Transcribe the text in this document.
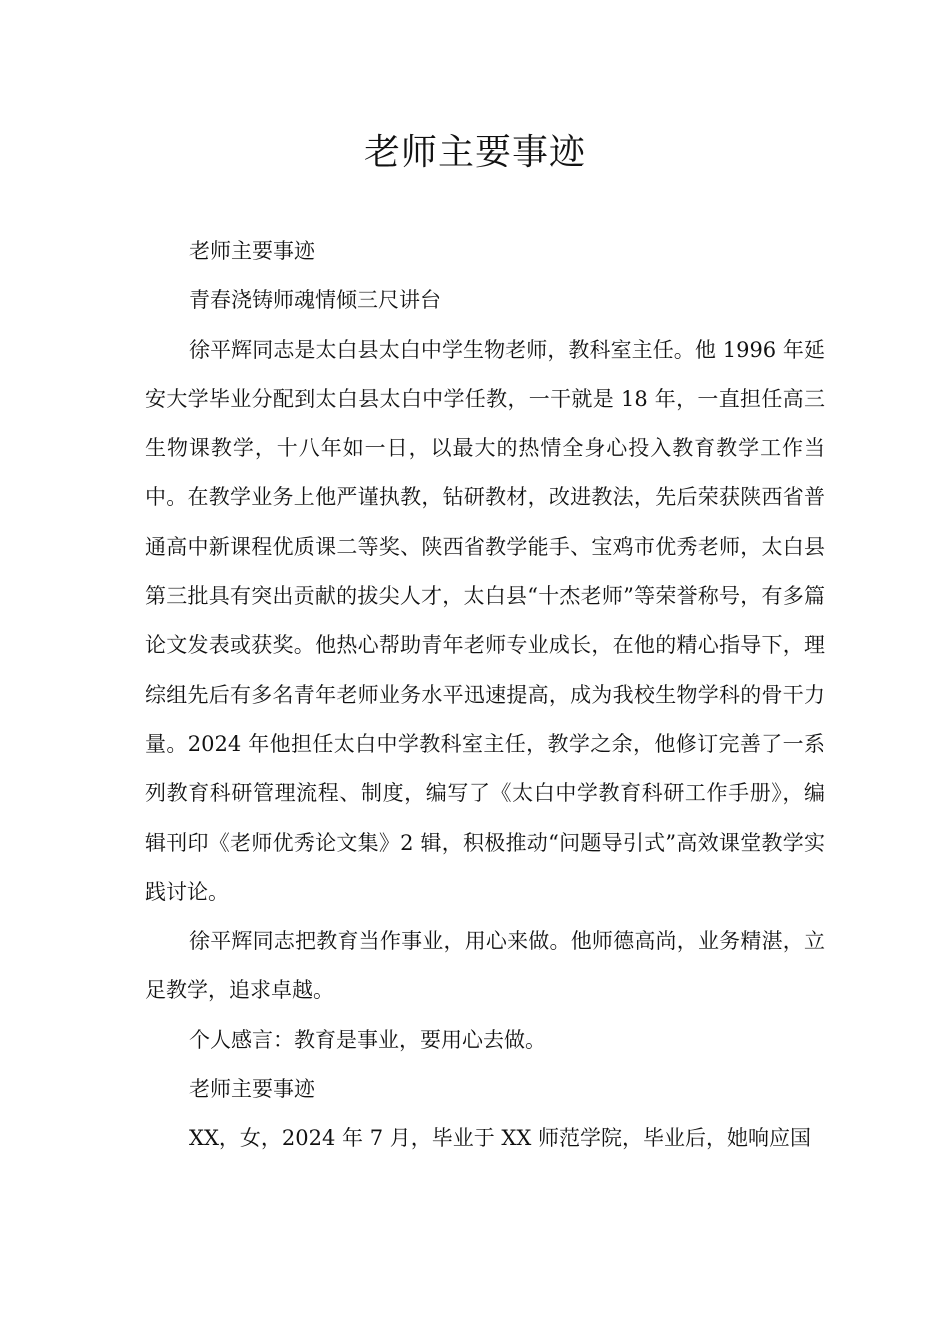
老师主要事迹

老师主要事迹

青春浇铸师魂情倾三尺讲台

徐平辉同志是太白县太白中学生物老师，教科室主任。他 1996 年延安大学毕业分配到太白县太白中学任教，一干就是 18 年，一直担任高三生物课教学，十八年如一日，以最大的热情全身心投入教育教学工作当中。在教学业务上他严谨执教，钻研教材，改进教法，先后荣获陕西省普通高中新课程优质课二等奖、陕西省教学能手、宝鸡市优秀老师，太白县第三批具有突出贡献的拔尖人才，太白县“十杰老师”等荣誉称号，有多篇论文发表或获奖。他热心帮助青年老师专业成长，在他的精心指导下，理综组先后有多名青年老师业务水平迅速提高，成为我校生物学科的骨干力量。2024 年他担任太白中学教科室主任，教学之余，他修订完善了一系列教育科研管理流程、制度，编写了《太白中学教育科研工作手册》，编辑刊印《老师优秀论文集》2 辑，积极推动“问题导引式”高效课堂教学实践讨论。

徐平辉同志把教育当作事业，用心来做。他师德高尚，业务精湛，立足教学，追求卓越。

个人感言：教育是事业，要用心去做。

老师主要事迹

XX，女，2024 年 7 月，毕业于 XX 师范学院，毕业后，她响应国
